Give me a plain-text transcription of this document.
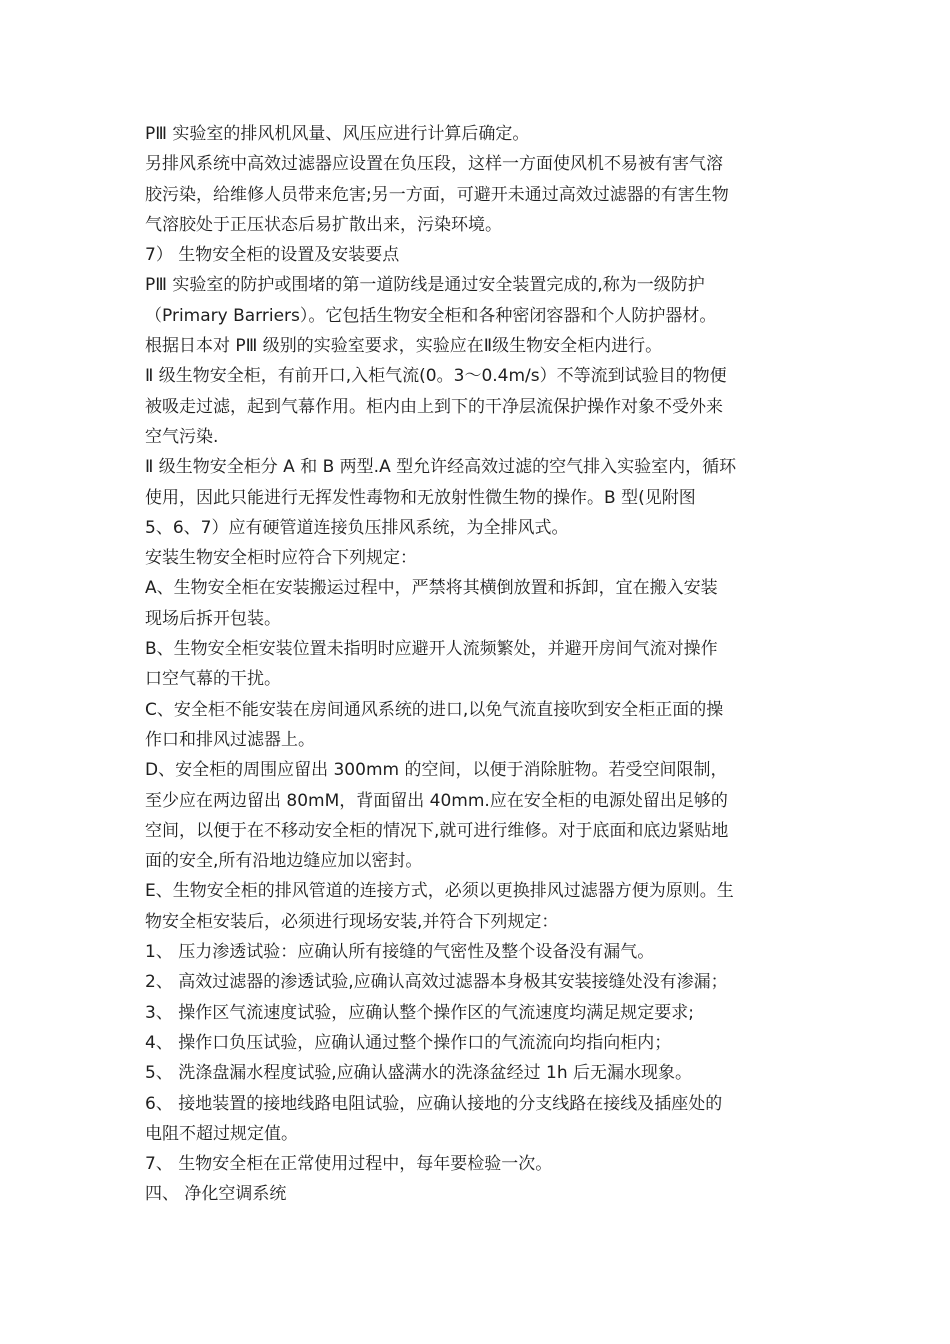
PⅢ 实验室的排风机风量、风压应进行计算后确定。
另排风系统中高效过滤器应设置在负压段，这样一方面使风机不易被有害气溶
胶污染，给维修人员带来危害;另一方面，可避开未通过高效过滤器的有害生物
气溶胶处于正压状态后易扩散出来，污染环境。
7） 生物安全柜的设置及安装要点
PⅢ 实验室的防护或围堵的第一道防线是通过安全装置完成的,称为一级防护
（Primary Barriers）。它包括生物安全柜和各种密闭容器和个人防护器材。
根据日本对 PⅢ 级别的实验室要求，实验应在Ⅱ级生物安全柜内进行。
Ⅱ 级生物安全柜，有前开口,入柜气流(0。3～0.4m/s）不等流到试验目的物便
被吸走过滤，起到气幕作用。柜内由上到下的干净层流保护操作对象不受外来
空气污染.
Ⅱ 级生物安全柜分 A 和 B 两型.A 型允许经高效过滤的空气排入实验室内，循环
使用，因此只能进行无挥发性毒物和无放射性微生物的操作。B 型(见附图
5、6、7）应有硬管道连接负压排风系统，为全排风式。
安装生物安全柜时应符合下列规定：
A、生物安全柜在安装搬运过程中，严禁将其横倒放置和拆卸，宜在搬入安装
现场后拆开包装。
B、生物安全柜安装位置未指明时应避开人流频繁处，并避开房间气流对操作
口空气幕的干扰。
C、安全柜不能安装在房间通风系统的进口,以免气流直接吹到安全柜正面的操
作口和排风过滤器上。
D、安全柜的周围应留出 300mm 的空间，以便于消除脏物。若受空间限制，
至少应在两边留出 80mM，背面留出 40mm.应在安全柜的电源处留出足够的
空间，以便于在不移动安全柜的情况下,就可进行维修。对于底面和底边紧贴地
面的安全,所有沿地边缝应加以密封。
E、生物安全柜的排风管道的连接方式，必须以更换排风过滤器方便为原则。生
物安全柜安装后，必须进行现场安装,并符合下列规定：
1、 压力渗透试验：应确认所有接缝的气密性及整个设备没有漏气。
2、 高效过滤器的渗透试验,应确认高效过滤器本身极其安装接缝处没有渗漏；
3、 操作区气流速度试验，应确认整个操作区的气流速度均满足规定要求;
4、 操作口负压试验，应确认通过整个操作口的气流流向均指向柜内；
5、 洗涤盘漏水程度试验,应确认盛满水的洗涤盆经过 1h 后无漏水现象。
6、 接地装置的接地线路电阻试验，应确认接地的分支线路在接线及插座处的
电阻不超过规定值。
7、 生物安全柜在正常使用过程中，每年要检验一次。
四、 净化空调系统
